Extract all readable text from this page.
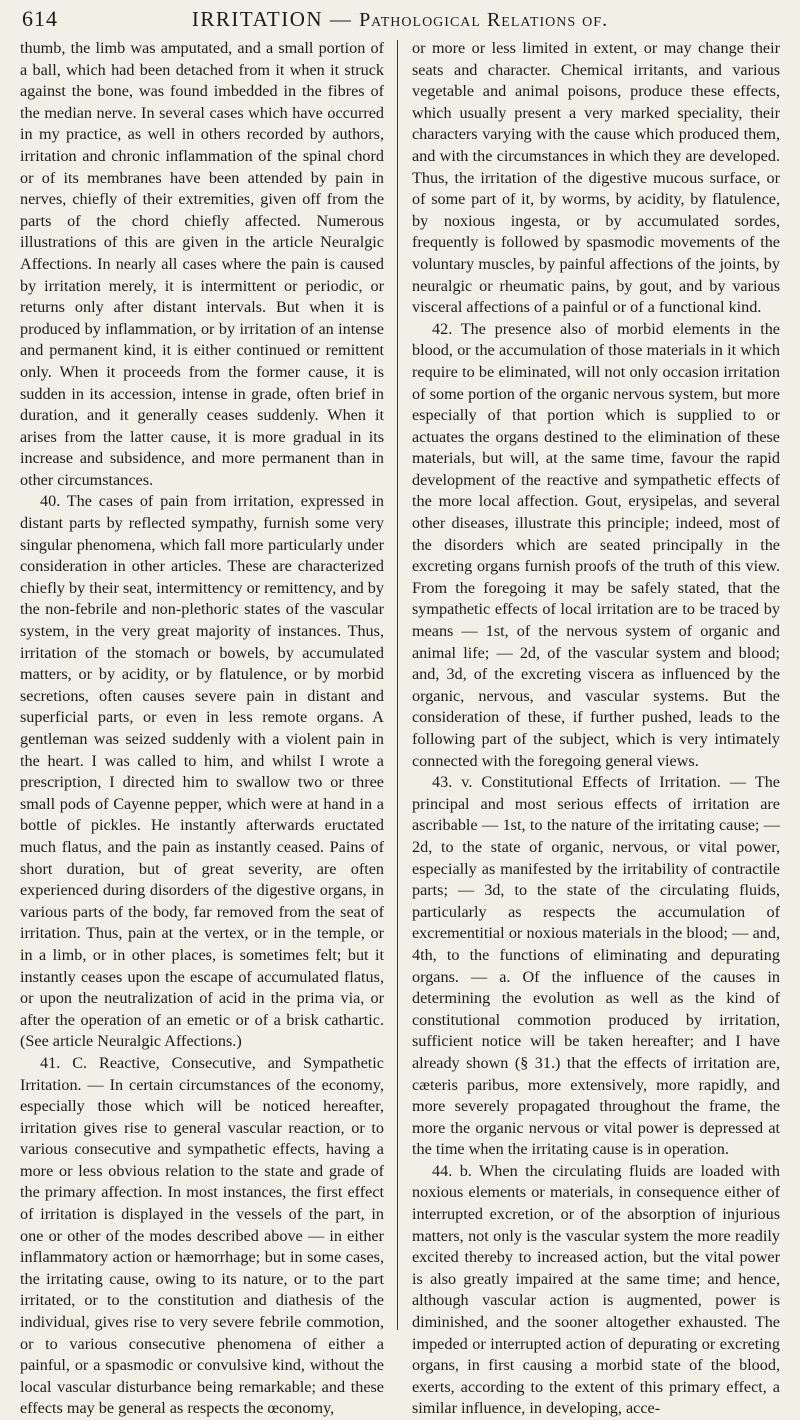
614	IRRITATION — Pathological Relations of.

thumb, the limb was amputated, and a small portion of a ball, which had been detached from it when it struck against the bone, was found imbedded in the fibres of the median nerve. In several cases which have occurred in my practice, as well in others recorded by authors, irritation and chronic inflammation of the spinal chord or of its membranes have been attended by pain in nerves, chiefly of their extremities, given off from the parts of the chord chiefly affected. Numerous illustrations of this are given in the article Neuralgic Affections. In nearly all cases where the pain is caused by irritation merely, it is intermittent or periodic, or returns only after distant intervals. But when it is produced by inflammation, or by irritation of an intense and permanent kind, it is either continued or remittent only. When it proceeds from the former cause, it is sudden in its accession, intense in grade, often brief in duration, and it generally ceases suddenly. When it arises from the latter cause, it is more gradual in its increase and subsidence, and more permanent than in other circumstances.

40. The cases of pain from irritation, expressed in distant parts by reflected sympathy, furnish some very singular phenomena, which fall more particularly under consideration in other articles. These are characterized chiefly by their seat, intermittency or remittency, and by the non-febrile and non-plethoric states of the vascular system, in the very great majority of instances. Thus, irritation of the stomach or bowels, by accumulated matters, or by acidity, or by flatulence, or by morbid secretions, often causes severe pain in distant and superficial parts, or even in less remote organs. A gentleman was seized suddenly with a violent pain in the heart. I was called to him, and whilst I wrote a prescription, I directed him to swallow two or three small pods of Cayenne pepper, which were at hand in a bottle of pickles. He instantly afterwards eructated much flatus, and the pain as instantly ceased. Pains of short duration, but of great severity, are often experienced during disorders of the digestive organs, in various parts of the body, far removed from the seat of irritation. Thus, pain at the vertex, or in the temple, or in a limb, or in other places, is sometimes felt; but it instantly ceases upon the escape of accumulated flatus, or upon the neutralization of acid in the prima via, or after the operation of an emetic or of a brisk cathartic. (See article Neuralgic Affections.)

41. C. Reactive, Consecutive, and Sympathetic Irritation. — In certain circumstances of the economy, especially those which will be noticed hereafter, irritation gives rise to general vascular reaction, or to various consecutive and sympathetic effects, having a more or less obvious relation to the state and grade of the primary affection. In most instances, the first effect of irritation is displayed in the vessels of the part, in one or other of the modes described above — in either inflammatory action or hæmorrhage; but in some cases, the irritating cause, owing to its nature, or to the part irritated, or to the constitution and diathesis of the individual, gives rise to very severe febrile commotion, or to various consecutive phenomena of either a painful, or a spasmodic or convulsive kind, without the local vascular disturbance being remarkable; and these effects may be general as respects the œconomy,

or more or less limited in extent, or may change their seats and character. Chemical irritants, and various vegetable and animal poisons, produce these effects, which usually present a very marked speciality, their characters varying with the cause which produced them, and with the circumstances in which they are developed. Thus, the irritation of the digestive mucous surface, or of some part of it, by worms, by acidity, by flatulence, by noxious ingesta, or by accumulated sordes, frequently is followed by spasmodic movements of the voluntary muscles, by painful affections of the joints, by neuralgic or rheumatic pains, by gout, and by various visceral affections of a painful or of a functional kind.

42. The presence also of morbid elements in the blood, or the accumulation of those materials in it which require to be eliminated, will not only occasion irritation of some portion of the organic nervous system, but more especially of that portion which is supplied to or actuates the organs destined to the elimination of these materials, but will, at the same time, favour the rapid development of the reactive and sympathetic effects of the more local affection. Gout, erysipelas, and several other diseases, illustrate this principle; indeed, most of the disorders which are seated principally in the excreting organs furnish proofs of the truth of this view. From the foregoing it may be safely stated, that the sympathetic effects of local irritation are to be traced by means — 1st, of the nervous system of organic and animal life; — 2d, of the vascular system and blood; and, 3d, of the excreting viscera as influenced by the organic, nervous, and vascular systems. But the consideration of these, if further pushed, leads to the following part of the subject, which is very intimately connected with the foregoing general views.

43. v. Constitutional Effects of Irritation. — The principal and most serious effects of irritation are ascribable — 1st, to the nature of the irritating cause; — 2d, to the state of organic, nervous, or vital power, especially as manifested by the irritability of contractile parts; — 3d, to the state of the circulating fluids, particularly as respects the accumulation of excrementitial or noxious materials in the blood; — and, 4th, to the functions of eliminating and depurating organs. — a. Of the influence of the causes in determining the evolution as well as the kind of constitutional commotion produced by irritation, sufficient notice will be taken hereafter; and I have already shown (§ 31.) that the effects of irritation are, cæteris paribus, more extensively, more rapidly, and more severely propagated throughout the frame, the more the organic nervous or vital power is depressed at the time when the irritating cause is in operation.

44. b. When the circulating fluids are loaded with noxious elements or materials, in consequence either of interrupted excretion, or of the absorption of injurious matters, not only is the vascular system the more readily excited thereby to increased action, but the vital power is also greatly impaired at the same time; and hence, although vascular action is augmented, power is diminished, and the sooner altogether exhausted. The impeded or interrupted action of depurating or excreting organs, in first causing a morbid state of the blood, exerts, according to the extent of this primary effect, a similar influence, in developing, acce-
